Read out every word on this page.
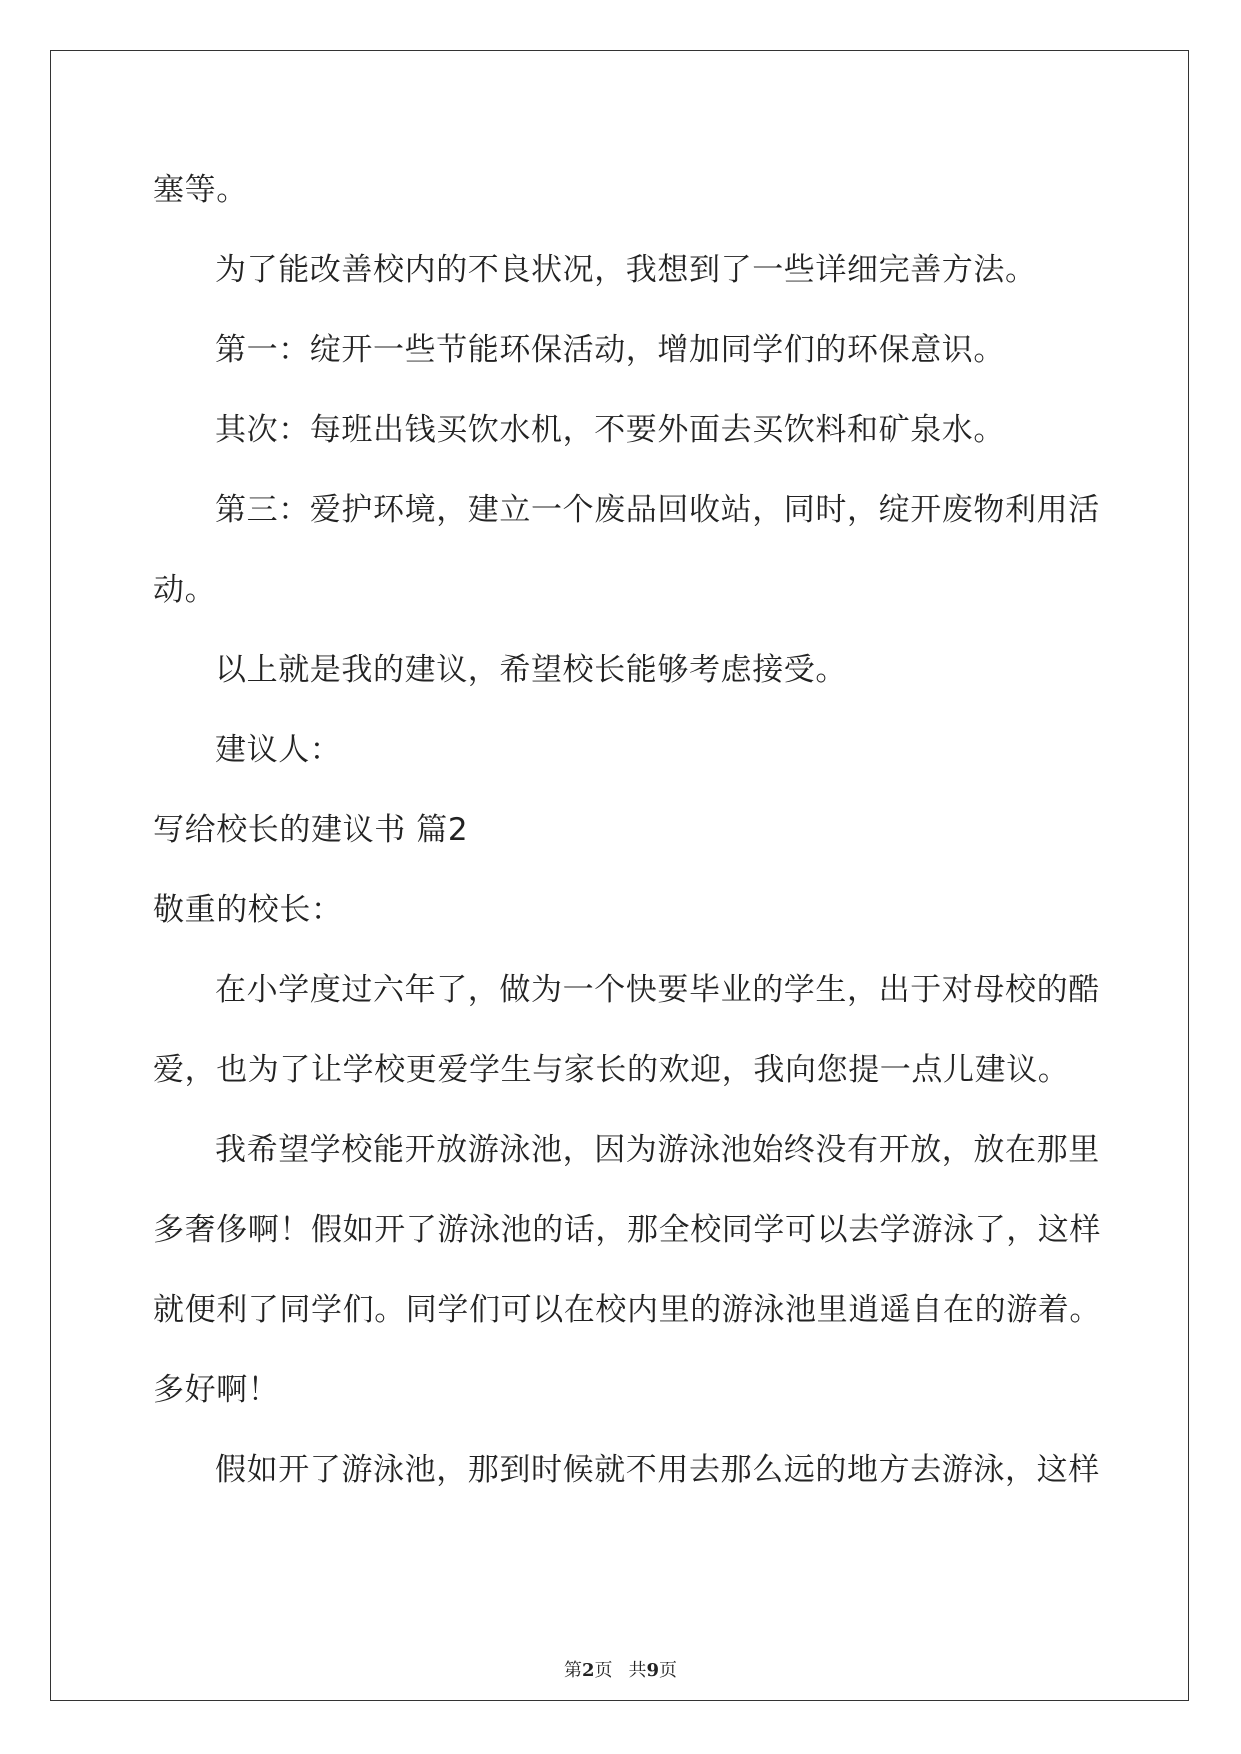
塞等。

为了能改善校内的不良状况，我想到了一些详细完善方法。

第一：绽开一些节能环保活动，增加同学们的环保意识。

其次：每班出钱买饮水机，不要外面去买饮料和矿泉水。

第三：爱护环境，建立一个废品回收站，同时，绽开废物利用活

动。

以上就是我的建议，希望校长能够考虑接受。

建议人：

写给校长的建议书 篇2

敬重的校长：

在小学度过六年了，做为一个快要毕业的学生，出于对母校的酷

爱，也为了让学校更爱学生与家长的欢迎，我向您提一点儿建议。

我希望学校能开放游泳池，因为游泳池始终没有开放，放在那里

多奢侈啊！假如开了游泳池的话，那全校同学可以去学游泳了，这样

就便利了同学们。同学们可以在校内里的游泳池里逍遥自在的游着。

多好啊！

假如开了游泳池，那到时候就不用去那么远的地方去游泳，这样

第2页 共9页
